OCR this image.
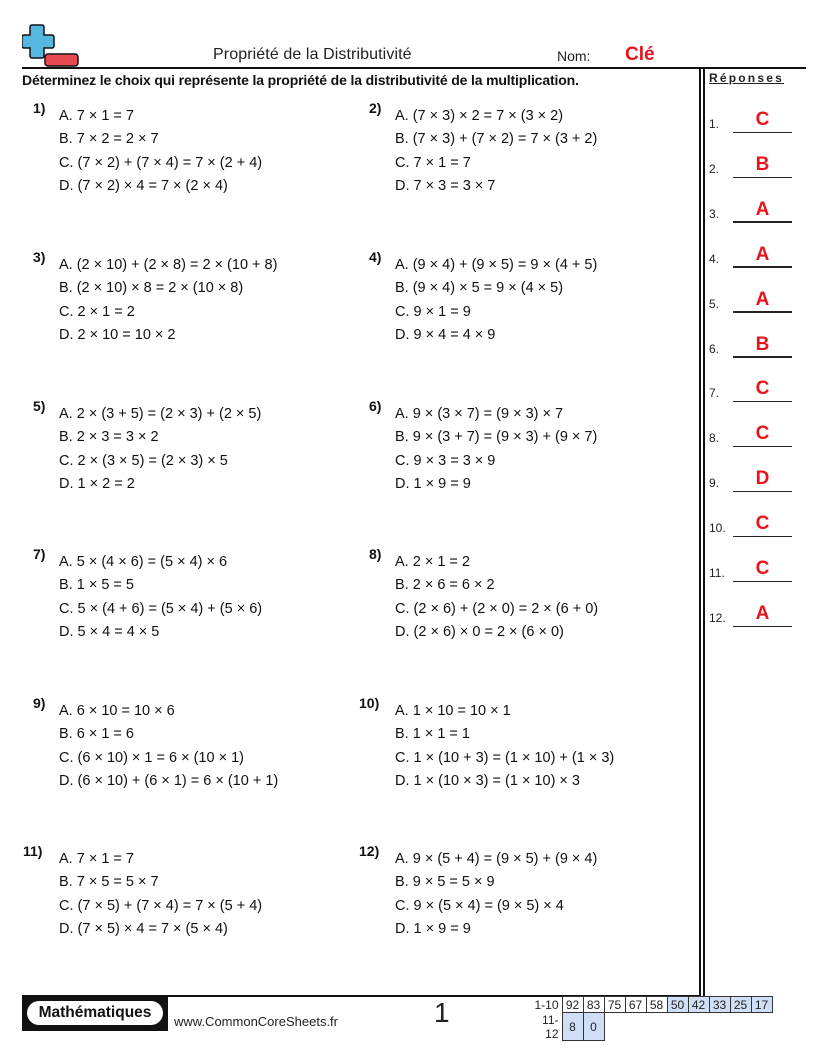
Propriété de la Distributivité	Nom: Clé
Déterminez le choix qui représente la propriété de la distributivité de la multiplication.
1) A. 7 × 1 = 7
B. 7 × 2 = 2 × 7
C. (7 × 2) + (7 × 4) = 7 × (2 + 4)
D. (7 × 2) × 4 = 7 × (2 × 4)
2) A. (7 × 3) × 2 = 7 × (3 × 2)
B. (7 × 3) + (7 × 2) = 7 × (3 + 2)
C. 7 × 1 = 7
D. 7 × 3 = 3 × 7
3) A. (2 × 10) + (2 × 8) = 2 × (10 + 8)
B. (2 × 10) × 8 = 2 × (10 × 8)
C. 2 × 1 = 2
D. 2 × 10 = 10 × 2
4) A. (9 × 4) + (9 × 5) = 9 × (4 + 5)
B. (9 × 4) × 5 = 9 × (4 × 5)
C. 9 × 1 = 9
D. 9 × 4 = 4 × 9
5) A. 2 × (3 + 5) = (2 × 3) + (2 × 5)
B. 2 × 3 = 3 × 2
C. 2 × (3 × 5) = (2 × 3) × 5
D. 1 × 2 = 2
6) A. 9 × (3 × 7) = (9 × 3) × 7
B. 9 × (3 + 7) = (9 × 3) + (9 × 7)
C. 9 × 3 = 3 × 9
D. 1 × 9 = 9
7) A. 5 × (4 × 6) = (5 × 4) × 6
B. 1 × 5 = 5
C. 5 × (4 + 6) = (5 × 4) + (5 × 6)
D. 5 × 4 = 4 × 5
8) A. 2 × 1 = 2
B. 2 × 6 = 6 × 2
C. (2 × 6) + (2 × 0) = 2 × (6 + 0)
D. (2 × 6) × 0 = 2 × (6 × 0)
9) A. 6 × 10 = 10 × 6
B. 6 × 1 = 6
C. (6 × 10) × 1 = 6 × (10 × 1)
D. (6 × 10) + (6 × 1) = 6 × (10 + 1)
10) A. 1 × 10 = 10 × 1
B. 1 × 1 = 1
C. 1 × (10 + 3) = (1 × 10) + (1 × 3)
D. 1 × (10 × 3) = (1 × 10) × 3
11) A. 7 × 1 = 7
B. 7 × 5 = 5 × 7
C. (7 × 5) + (7 × 4) = 7 × (5 + 4)
D. (7 × 5) × 4 = 7 × (5 × 4)
12) A. 9 × (5 + 4) = (9 × 5) + (9 × 4)
B. 9 × 5 = 5 × 9
C. 9 × (5 × 4) = (9 × 5) × 4
D. 1 × 9 = 9
Réponses
1.	C
2.	B
3.	A
4.	A
5.	A
6.	B
7.	C
8.	C
9.	D
10.	C
11.	C
12.	A
Mathématiques
www.CommonCoreSheets.fr	1	1-10	92	83	75	67	58	50	42	33	25	17
11-12	8	0								
